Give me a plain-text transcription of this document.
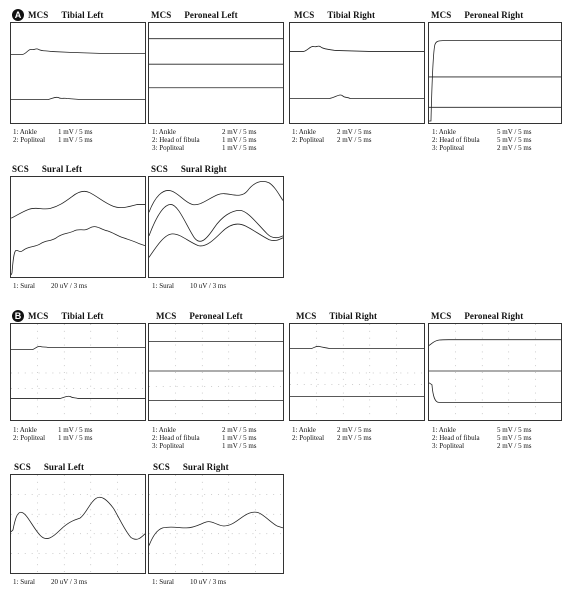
A MCS Tibial Left
1: Ankle	1 mV / 5 ms
2: Popliteal 1 mV / 5 ms
MCS Peroneal Left
1: Ankle	2 mV / 5 ms
2: Head of fibula	1 mV / 5 ms
3: Popliteal	1 mV / 5 ms
MCS Tibial Right
1: Ankle	2 mV / 5 ms
2: Popliteal 2 mV / 5 ms
MCS Peroneal Right
1: Ankle	5 mV / 5 ms
2: Head of fibula 5 mV / 5 ms
3: Popliteal	2 mV / 5 ms
SCS Sural Left
1: Sural 20 uV / 3 ms
SCS Sural Right
1: Sural 10 uV / 3 ms
B MCS Tibial Left
1: Ankle	1 mV / 5 ms
2: Popliteal 1 mV / 5 ms
MCS Peroneal Left
1: Ankle	2 mV / 5 ms
2: Head of fibula	1 mV / 5 ms
3: Popliteal	1 mV / 5 ms
MCS Tibial Right
1: Ankle	2 mV / 5 ms
2: Popliteal 2 mV / 5 ms
MCS Peroneal Right
1: Ankle	5 mV / 5 ms
2: Head of fibula 5 mV / 5 ms
3: Popliteal	2 mV / 5 ms
SCS Sural Left
1: Sural 20 uV / 3 ms
SCS Sural Right
1: Sural 10 uV / 3 ms
